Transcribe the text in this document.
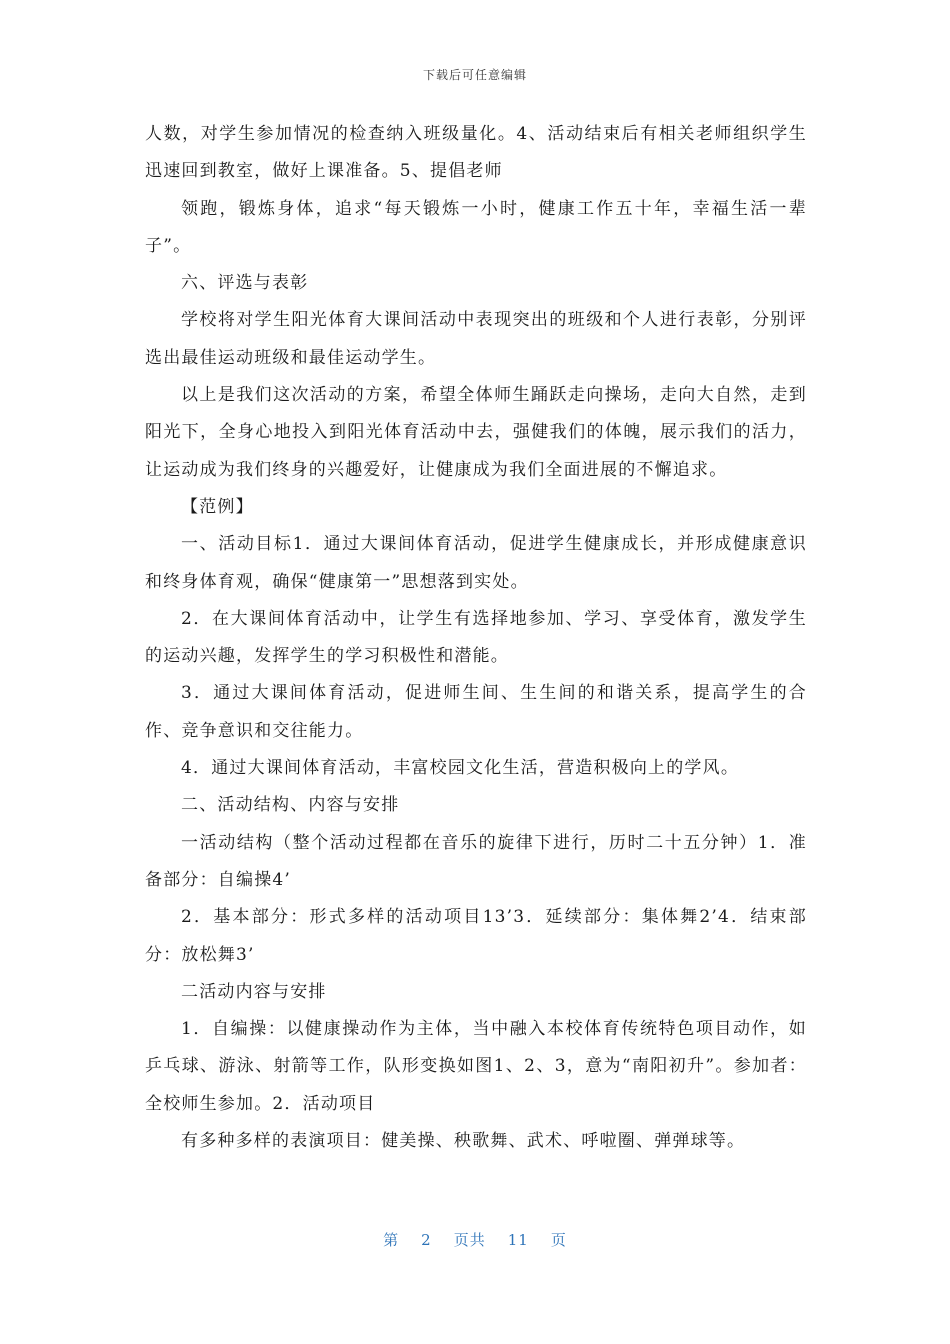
下载后可任意编辑

人数，对学生参加情况的检查纳入班级量化。4、活动结束后有相关老师组织学生迅速回到教室，做好上课准备。5、提倡老师

领跑，锻炼身体，追求“每天锻炼一小时，健康工作五十年，幸福生活一辈子”。

六、评选与表彰

学校将对学生阳光体育大课间活动中表现突出的班级和个人进行表彰，分别评选出最佳运动班级和最佳运动学生。

以上是我们这次活动的方案，希望全体师生踊跃走向操场，走向大自然，走到阳光下，全身心地投入到阳光体育活动中去，强健我们的体魄，展示我们的活力，让运动成为我们终身的兴趣爱好，让健康成为我们全面进展的不懈追求。

【范例】

一、活动目标1．通过大课间体育活动，促进学生健康成长，并形成健康意识和终身体育观，确保“健康第一”思想落到实处。

2．在大课间体育活动中，让学生有选择地参加、学习、享受体育，激发学生的运动兴趣，发挥学生的学习积极性和潜能。

3．通过大课间体育活动，促进师生间、生生间的和谐关系，提高学生的合作、竞争意识和交往能力。

4．通过大课间体育活动，丰富校园文化生活，营造积极向上的学风。

二、活动结构、内容与安排

一活动结构（整个活动过程都在音乐的旋律下进行，历时二十五分钟）1．准备部分：自编操4’

2．基本部分：形式多样的活动项目13’3．延续部分：集体舞2’4．结束部分：放松舞3’

二活动内容与安排

1．自编操：以健康操动作为主体，当中融入本校体育传统特色项目动作，如乒乓球、游泳、射箭等工作，队形变换如图1、2、3，意为“南阳初升”。参加者：全校师生参加。2．活动项目

有多种多样的表演项目：健美操、秧歌舞、武术、呼啦圈、弹弹球等。

第 2 页共 11 页
